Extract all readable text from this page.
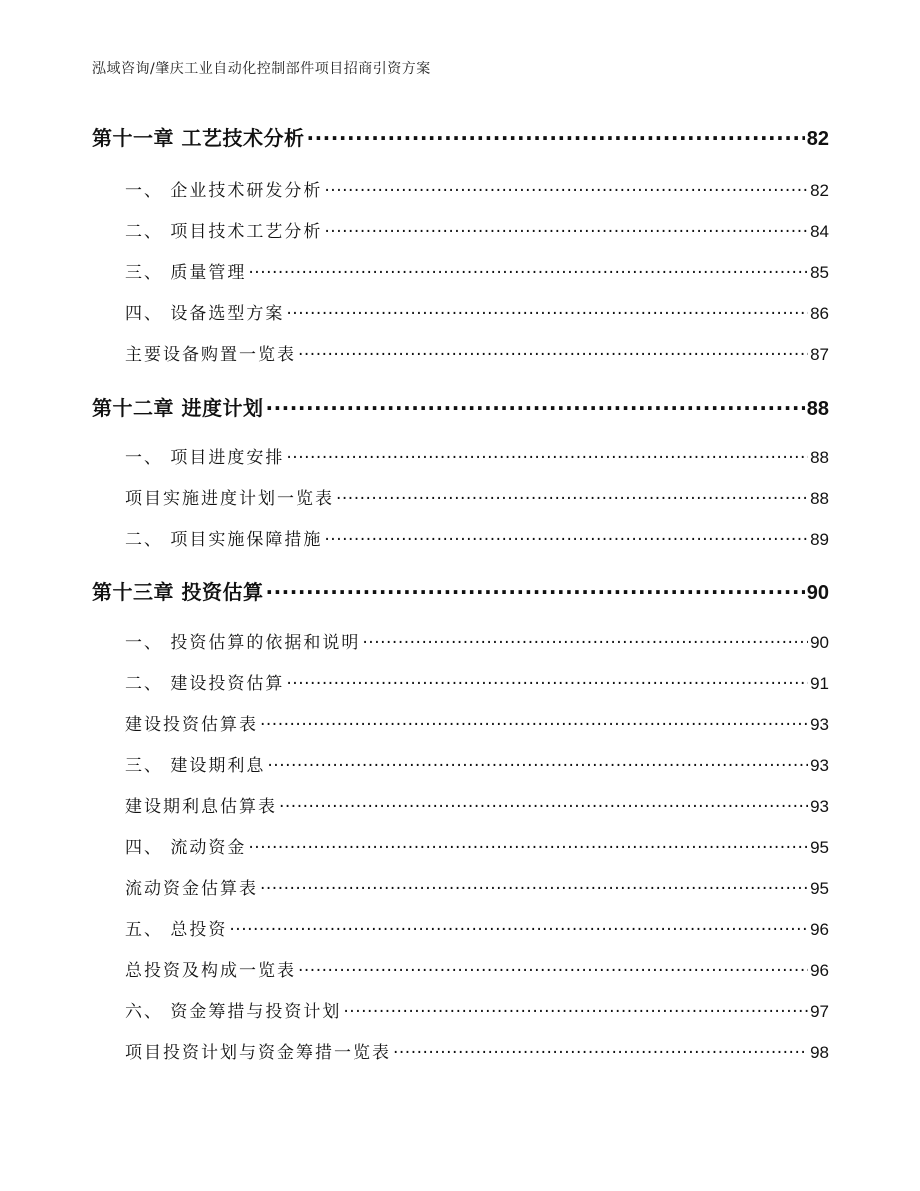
泓域咨询/肇庆工业自动化控制部件项目招商引资方案
第十一章 工艺技术分析 .....	82
一、 企业技术研发分析 .....	82
二、 项目技术工艺分析 .....	84
三、 质量管理 .....	85
四、 设备选型方案 .....	86
主要设备购置一览表 .....	87
第十二章 进度计划 .....	88
一、 项目进度安排 .....	88
项目实施进度计划一览表 .....	88
二、 项目实施保障措施 .....	89
第十三章 投资估算 .....	90
一、 投资估算的依据和说明 .....	90
二、 建设投资估算 .....	91
建设投资估算表 .....	93
三、 建设期利息 .....	93
建设期利息估算表 .....	93
四、 流动资金 .....	95
流动资金估算表 .....	95
五、 总投资 .....	96
总投资及构成一览表 .....	96
六、 资金筹措与投资计划 .....	97
项目投资计划与资金筹措一览表 .....	98
